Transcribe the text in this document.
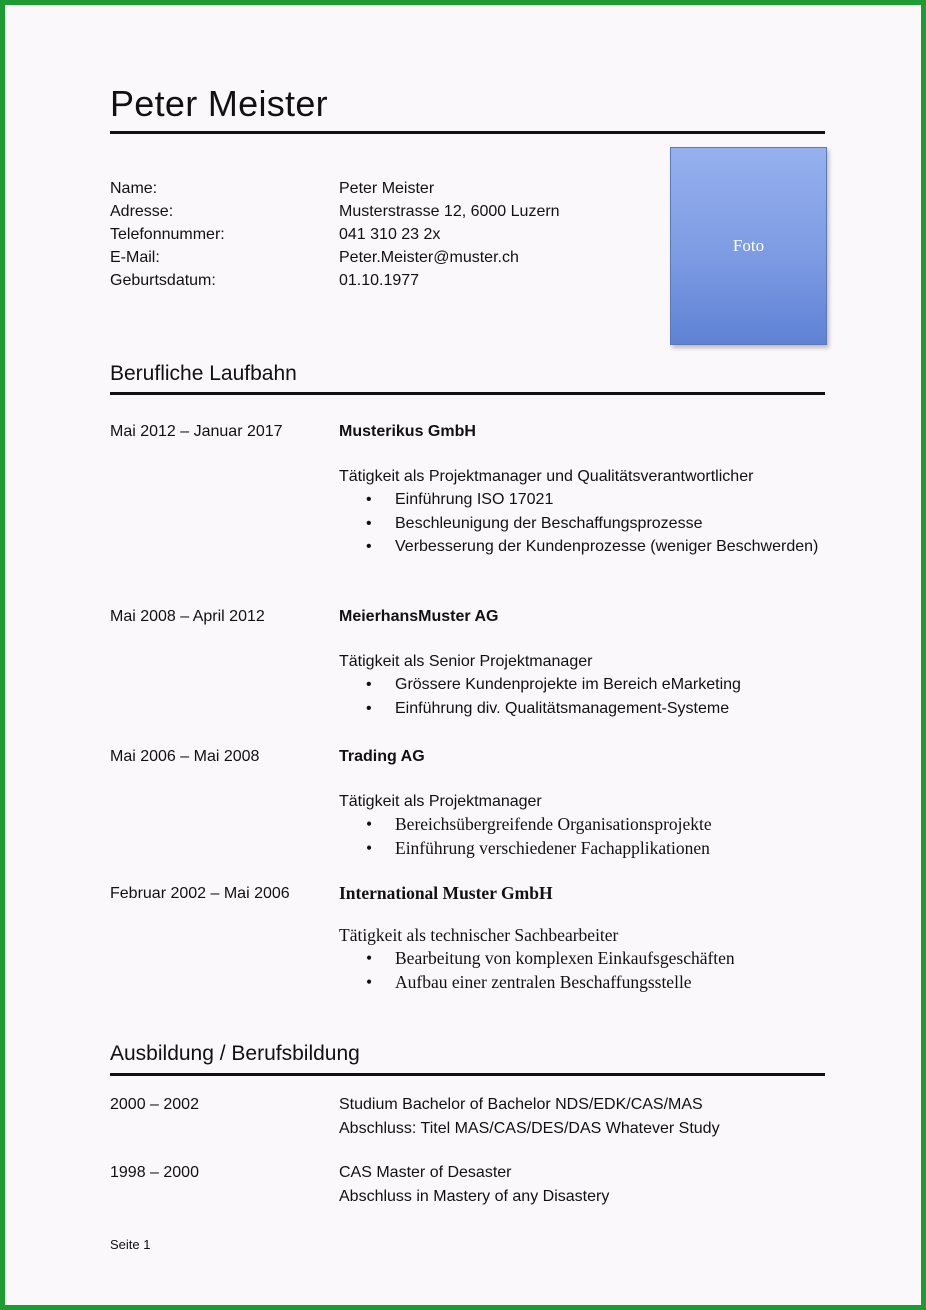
Peter Meister
Name:	Peter Meister
Adresse:	Musterstrasse 12, 6000 Luzern
Telefonnummer:	041 310 23 2x
E-Mail:	Peter.Meister@muster.ch
Geburtsdatum:	01.10.1977
Foto
Berufliche Laufbahn
Mai 2012 – Januar 2017	Musterikus GmbH
Tätigkeit als Projektmanager und Qualitätsverantwortlicher
• Einführung ISO 17021
• Beschleunigung der Beschaffungsprozesse
• Verbesserung der Kundenprozesse (weniger Beschwerden)
Mai 2008 – April 2012	MeierhansMuster AG
Tätigkeit als Senior Projektmanager
• Grössere Kundenprojekte im Bereich eMarketing
• Einführung div. Qualitätsmanagement-Systeme
Mai 2006 – Mai 2008	Trading AG
Tätigkeit als Projektmanager
• Bereichsübergreifende Organisationsprojekte
• Einführung verschiedener Fachapplikationen
Februar 2002 – Mai 2006	International Muster GmbH
Tätigkeit als technischer Sachbearbeiter
• Bearbeitung von komplexen Einkaufsgeschäften
• Aufbau einer zentralen Beschaffungsstelle
Ausbildung / Berufsbildung
2000 – 2002	Studium Bachelor of Bachelor NDS/EDK/CAS/MAS
Abschluss: Titel MAS/CAS/DES/DAS Whatever Study
1998 – 2000	CAS Master of Desaster
Abschluss in Mastery of any Disastery
Seite 1
